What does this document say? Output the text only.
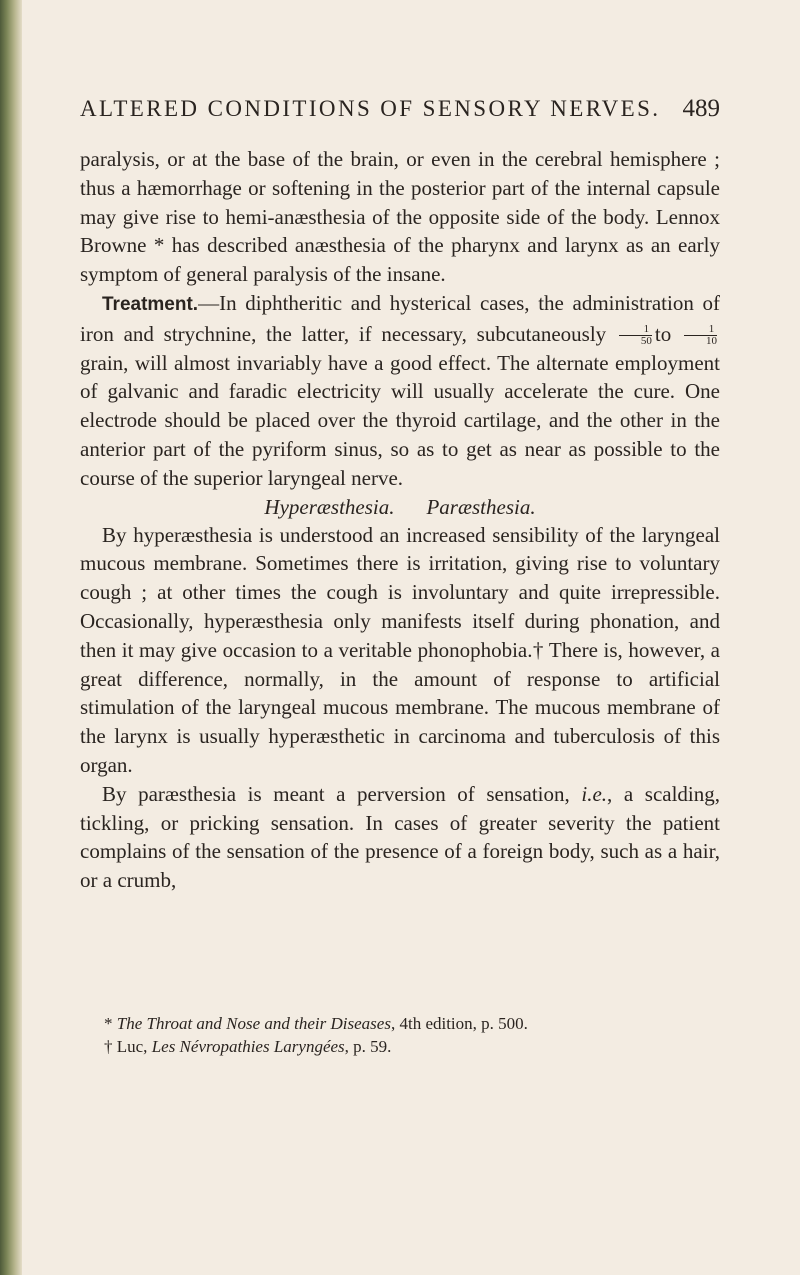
ALTERED CONDITIONS OF SENSORY NERVES. 489

paralysis, or at the base of the brain, or even in the cerebral hemisphere ; thus a hæmorrhage or softening in the posterior part of the internal capsule may give rise to hemi-anæsthesia of the opposite side of the body. Lennox Browne * has described anæsthesia of the pharynx and larynx as an early symptom of general paralysis of the insane.

Treatment.—In diphtheritic and hysterical cases, the administration of iron and strychnine, the latter, if necessary, subcutaneously $\frac{1}{50}$ to $\frac{1}{10}$
grain, will almost invariably have a good effect. The alternate employment of galvanic and faradic electricity will usually accelerate the cure. One electrode should be placed over the thyroid cartilage, and the other in the anterior part of the pyriform sinus, so as to get as near as possible to the course of the superior laryngeal nerve.

Hyperæsthesia. Paræsthesia.

By hyperæsthesia is understood an increased sensibility of the laryngeal mucous membrane. Sometimes there is irritation, giving rise to voluntary cough ; at other times the cough is involuntary and quite irrepressible. Occasionally, hyperæsthesia only manifests itself during phonation, and then it may give occasion to a veritable phonophobia.† There is, however, a great difference, normally, in the amount of response to artificial stimulation of the laryngeal mucous membrane. The mucous membrane of the larynx is usually hyperæsthetic in carcinoma and tuberculosis of this organ.

By paræsthesia is meant a perversion of sensation, i.e., a scalding, tickling, or pricking sensation. In cases of greater severity the patient complains of the sensation of the presence of a foreign body, such as a hair, or a crumb,

* The Throat and Nose and their Diseases, 4th edition, p. 500.

† Luc, Les Névropathies Laryngées, p. 59.
